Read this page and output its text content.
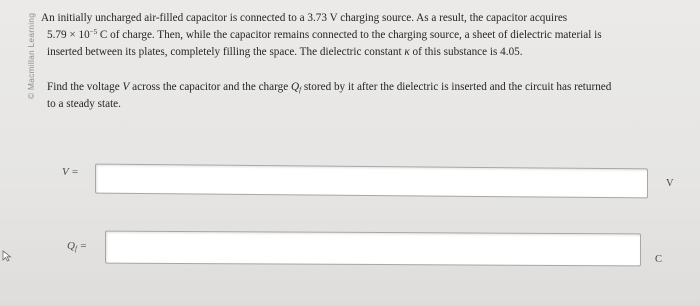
© Macmillan Learning An initially uncharged air-filled capacitor is connected to a 3.73 V charging source. As a result, the capacitor acquires
$5.79 \times 10^{-5}$ C of charge. Then, while the capacitor remains connected to the charging source, a sheet of dielectric material is
inserted between its plates, completely filling the space. The dielectric constant κ of this substance is 4.05.
Find the voltage V across the capacitor and the charge $Q_f$ stored by it after the dielectric is inserted and the circuit has returned
to a steady state.
V =
V
$Q_f$ =
C
